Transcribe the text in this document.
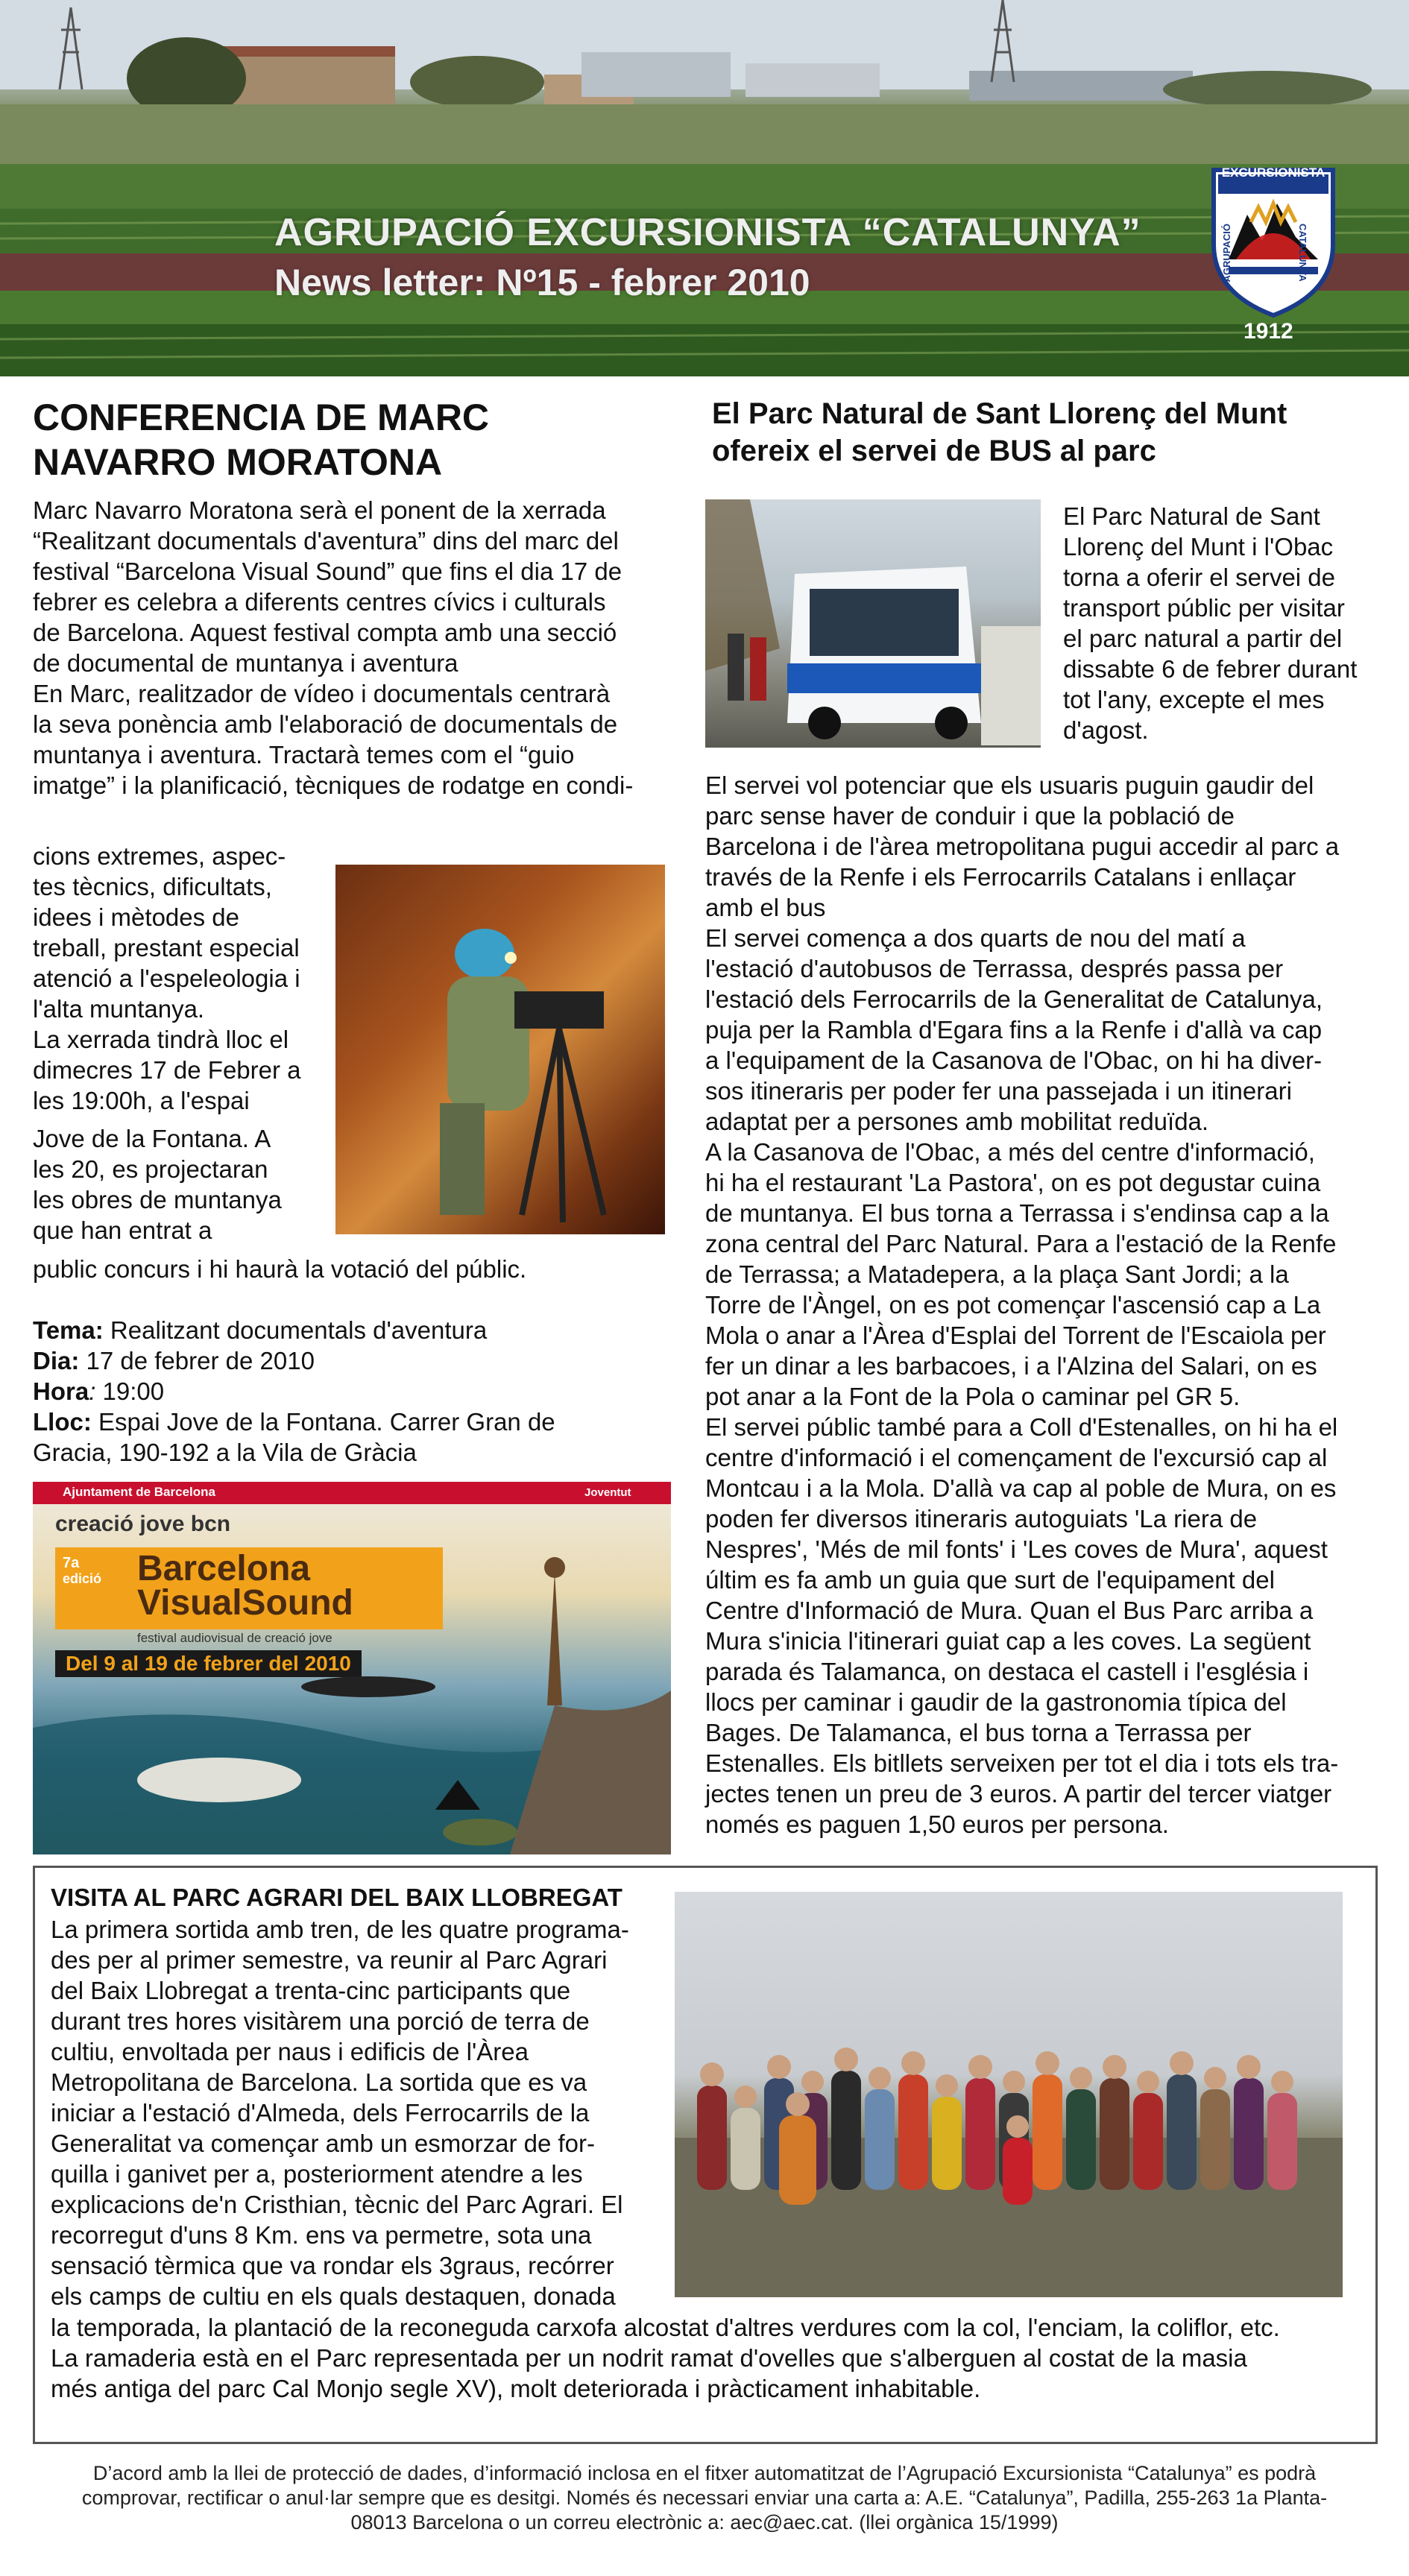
AGRUPACIÓ EXCURSIONISTA “CATALUNYA”
News letter: Nº15 - febrer 2010
EXCURSIONISTA
CATALUNYA
AGRUPACIÓ
1912
CONFERENCIA DE MARC
NAVARRO MORATONA
Marc Navarro Moratona serà el ponent de la xerrada
“Realitzant documentals d'aventura” dins del marc del
festival “Barcelona Visual Sound” que fins el dia 17 de
febrer es celebra a diferents centres cívics i culturals
de Barcelona. Aquest festival compta amb una secció
de documental de muntanya i aventura
En Marc, realitzador de vídeo i documentals centrarà
la seva ponència amb l'elaboració de documentals de
muntanya i aventura. Tractarà temes com el “guio
imatge” i la planificació, tècniques de rodatge en condi-
cions extremes, aspec-
tes tècnics, dificultats,
idees i mètodes de
treball, prestant especial
atenció a l'espeleologia i
l'alta muntanya.
La xerrada tindrà lloc el
dimecres 17 de Febrer a
les 19:00h, a l'espai
Jove de la Fontana. A
les 20, es projectaran
les obres de muntanya
que han entrat a
public concurs i hi haurà la votació del públic.
Tema: Realitzant documentals d'aventura
Dia: 17 de febrer de 2010
Hora: 19:00
Lloc: Espai Jove de la Fontana. Carrer Gran de
Gracia, 190-192 a la Vila de Gràcia
Ajuntament de Barcelona	Joventut
creació jove bcn
7a
edició Barcelona
VisualSound
festival audiovisual de creació jove
Del 9 al 19 de febrer del 2010
El Parc Natural de Sant Llorenç del Munt
ofereix el servei de BUS al parc
El Parc Natural de Sant
Llorenç del Munt i l'Obac
torna a oferir el servei de
transport públic per visitar
el parc natural a partir del
dissabte 6 de febrer durant
tot l'any, excepte el mes
d'agost.
El servei vol potenciar que els usuaris puguin gaudir del
parc sense haver de conduir i que la població de
Barcelona i de l'àrea metropolitana pugui accedir al parc a
través de la Renfe i els Ferrocarrils Catalans i enllaçar
amb el bus
El servei comença a dos quarts de nou del matí a
l'estació d'autobusos de Terrassa, després passa per
l'estació dels Ferrocarrils de la Generalitat de Catalunya,
puja per la Rambla d'Egara fins a la Renfe i d'allà va cap
a l'equipament de la Casanova de l'Obac, on hi ha diver-
sos itineraris per poder fer una passejada i un itinerari
adaptat per a persones amb mobilitat reduïda.
A la Casanova de l'Obac, a més del centre d'informació,
hi ha el restaurant 'La Pastora', on es pot degustar cuina
de muntanya. El bus torna a Terrassa i s'endinsa cap a la
zona central del Parc Natural. Para a l'estació de la Renfe
de Terrassa; a Matadepera, a la plaça Sant Jordi; a la
Torre de l'Àngel, on es pot començar l'ascensió cap a La
Mola o anar a l'Àrea d'Esplai del Torrent de l'Escaiola per
fer un dinar a les barbacoes, i a l'Alzina del Salari, on es
pot anar a la Font de la Pola o caminar pel GR 5.
El servei públic també para a Coll d'Estenalles, on hi ha el
centre d'informació i el començament de l'excursió cap al
Montcau i a la Mola. D'allà va cap al poble de Mura, on es
poden fer diversos itineraris autoguiats 'La riera de
Nespres', 'Més de mil fonts' i 'Les coves de Mura', aquest
últim es fa amb un guia que surt de l'equipament del
Centre d'Informació de Mura. Quan el Bus Parc arriba a
Mura s'inicia l'itinerari guiat cap a les coves. La següent
parada és Talamanca, on destaca el castell i l'església i
llocs per caminar i gaudir de la gastronomia típica del
Bages. De Talamanca, el bus torna a Terrassa per
Estenalles. Els bitllets serveixen per tot el dia i tots els tra-
jectes tenen un preu de 3 euros. A partir del tercer viatger
només es paguen 1,50 euros per persona.
VISITA AL PARC AGRARI DEL BAIX LLOBREGAT
La primera sortida amb tren, de les quatre programa-
des per al primer semestre, va reunir al Parc Agrari
del Baix Llobregat a trenta-cinc participants que
durant tres hores visitàrem una porció de terra de
cultiu, envoltada per naus i edificis de l'Àrea
Metropolitana de Barcelona. La sortida que es va
iniciar a l'estació d'Almeda, dels Ferrocarrils de la
Generalitat va començar amb un esmorzar de for-
quilla i ganivet per a, posteriorment atendre a les
explicacions de'n Cristhian, tècnic del Parc Agrari. El
recorregut d'uns 8 Km. ens va permetre, sota una
sensació tèrmica que va rondar els 3graus, recórrer
els camps de cultiu en els quals destaquen, donada
la temporada, la plantació de la reconeguda carxofa alcostat d'altres verdures com la col, l'enciam, la coliflor, etc.
La ramaderia està en el Parc representada per un nodrit ramat d'ovelles que s'alberguen al costat de la masia
més antiga del parc Cal Monjo segle XV), molt deteriorada i pràcticament inhabitable.
D’acord amb la llei de protecció de dades, d’informació inclosa en el fitxer automatitzat de l’Agrupació Excursionista “Catalunya” es podrà
comprovar, rectificar o anul·lar sempre que es desitgi. Només és necessari enviar una carta a: A.E. “Catalunya”, Padilla, 255-263 1a Planta-
08013 Barcelona o un correu electrònic a: aec@aec.cat. (llei orgànica 15/1999)
